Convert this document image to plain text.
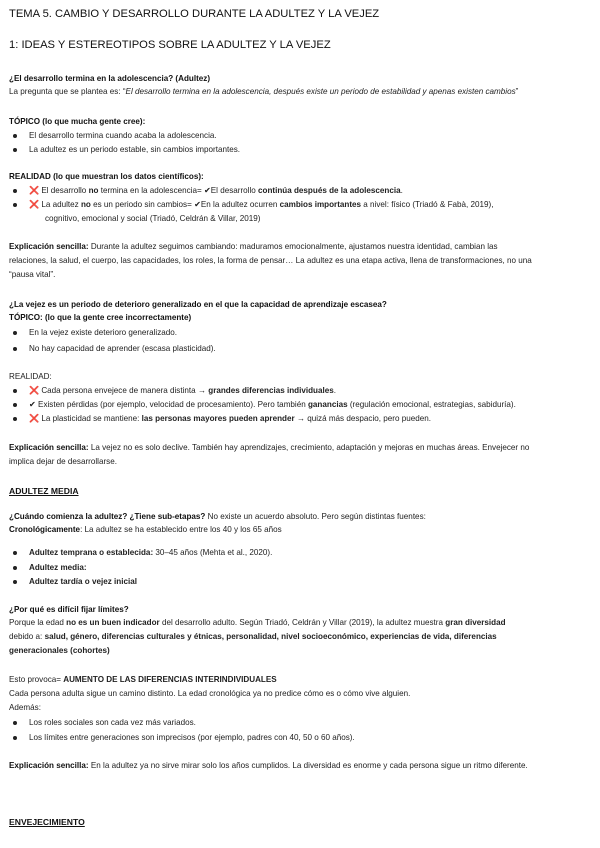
TEMA 5. CAMBIO Y DESARROLLO DURANTE LA ADULTEZ Y LA VEJEZ
1: IDEAS Y ESTEREOTIPOS SOBRE LA ADULTEZ Y LA VEJEZ
¿El desarrollo termina en la adolescencia? (Adultez)
La pregunta que se plantea es: “El desarrollo termina en la adolescencia, después existe un periodo de estabilidad y apenas existen cambios”
TÓPICO (lo que mucha gente cree):
El desarrollo termina cuando acaba la adolescencia.
La adultez es un periodo estable, sin cambios importantes.
REALIDAD (lo que muestran los datos científicos):
❌ El desarrollo no termina en la adolescencia= ✔El desarrollo continúa después de la adolescencia.
❌ La adultez no es un periodo sin cambios= ✔En la adultez ocurren cambios importantes a nivel: físico (Triadó & Fabà, 2019),
cognitivo, emocional y social (Triadó, Celdrán & Villar, 2019)
Explicación sencilla: Durante la adultez seguimos cambiando: maduramos emocionalmente, ajustamos nuestra identidad, cambian las
relaciones, la salud, el cuerpo, las capacidades, los roles, la forma de pensar… La adultez es una etapa activa, llena de transformaciones, no una
“pausa vital”.
¿La vejez es un periodo de deterioro generalizado en el que la capacidad de aprendizaje escasea?
TÓPICO: (lo que la gente cree incorrectamente)
En la vejez existe deterioro generalizado.
No hay capacidad de aprender (escasa plasticidad).
REALIDAD:
❌ Cada persona envejece de manera distinta → grandes diferencias individuales.
✔ Existen pérdidas (por ejemplo, velocidad de procesamiento). Pero también ganancias (regulación emocional, estrategias, sabiduría).
❌ La plasticidad se mantiene: las personas mayores pueden aprender → quizá más despacio, pero pueden.
Explicación sencilla: La vejez no es solo declive. También hay aprendizajes, crecimiento, adaptación y mejoras en muchas áreas. Envejecer no
implica dejar de desarrollarse.
ADULTEZ MEDIA
¿Cuándo comienza la adultez? ¿Tiene sub-etapas? No existe un acuerdo absoluto. Pero según distintas fuentes:
Cronológicamente: La adultez se ha establecido entre los 40 y los 65 años
Adultez temprana o establecida: 30–45 años (Mehta et al., 2020).
Adultez media:
Adultez tardía o vejez inicial
¿Por qué es difícil fijar límites?
Porque la edad no es un buen indicador del desarrollo adulto. Según Triadó, Celdrán y Villar (2019), la adultez muestra gran diversidad
debido a: salud, género, diferencias culturales y étnicas, personalidad, nivel socioeconómico, experiencias de vida, diferencias
generacionales (cohortes)
Esto provoca= AUMENTO DE LAS DIFERENCIAS INTERINDIVIDUALES
Cada persona adulta sigue un camino distinto. La edad cronológica ya no predice cómo es o cómo vive alguien.
Además:
Los roles sociales son cada vez más variados.
Los límites entre generaciones son imprecisos (por ejemplo, padres con 40, 50 o 60 años).
Explicación sencilla: En la adultez ya no sirve mirar solo los años cumplidos. La diversidad es enorme y cada persona sigue un ritmo diferente.
ENVEJECIMIENTO
